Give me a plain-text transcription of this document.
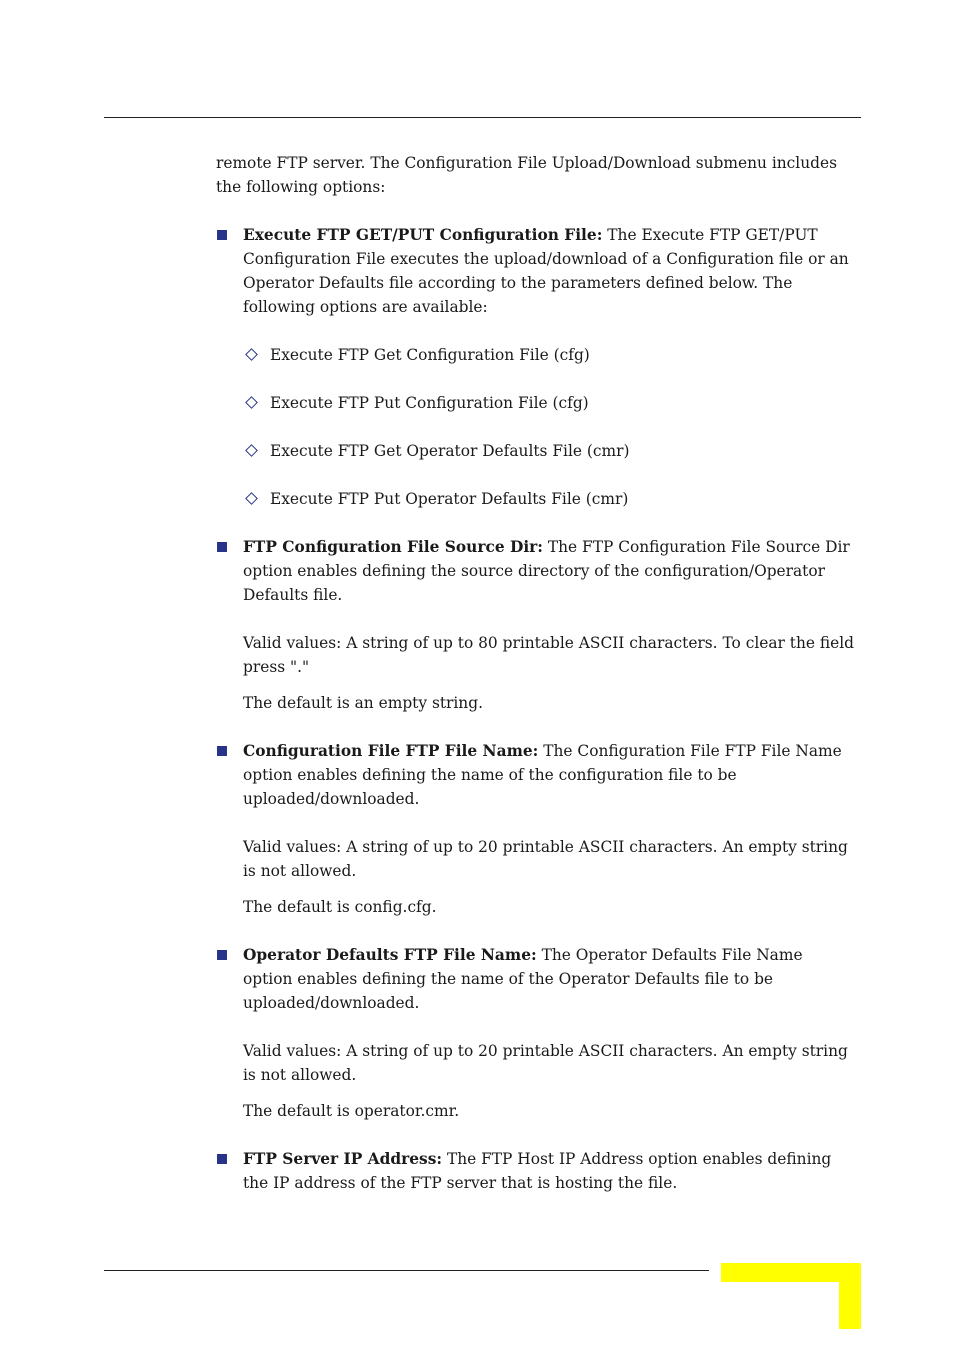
remote FTP server. The Configuration File Upload/Download submenu includes the following options:

Execute FTP GET/PUT Configuration File: The Execute FTP GET/PUT Configuration File executes the upload/download of a Configuration file or an Operator Defaults file according to the parameters defined below. The following options are available:
Execute FTP Get Configuration File (cfg)
Execute FTP Put Configuration File (cfg)
Execute FTP Get Operator Defaults File (cmr)
Execute FTP Put Operator Defaults File (cmr)
FTP Configuration File Source Dir: The FTP Configuration File Source Dir option enables defining the source directory of the configuration/Operator Defaults file.

Valid values: A string of up to 80 printable ASCII characters. To clear the field press "."

The default is an empty string.

Configuration File FTP File Name: The Configuration File FTP File Name option enables defining the name of the configuration file to be uploaded/downloaded.

Valid values: A string of up to 20 printable ASCII characters. An empty string is not allowed.

The default is config.cfg.

Operator Defaults FTP File Name: The Operator Defaults File Name option enables defining the name of the Operator Defaults file to be uploaded/downloaded.

Valid values: A string of up to 20 printable ASCII characters. An empty string is not allowed.

The default is operator.cmr.

FTP Server IP Address: The FTP Host IP Address option enables defining the IP address of the FTP server that is hosting the file.
